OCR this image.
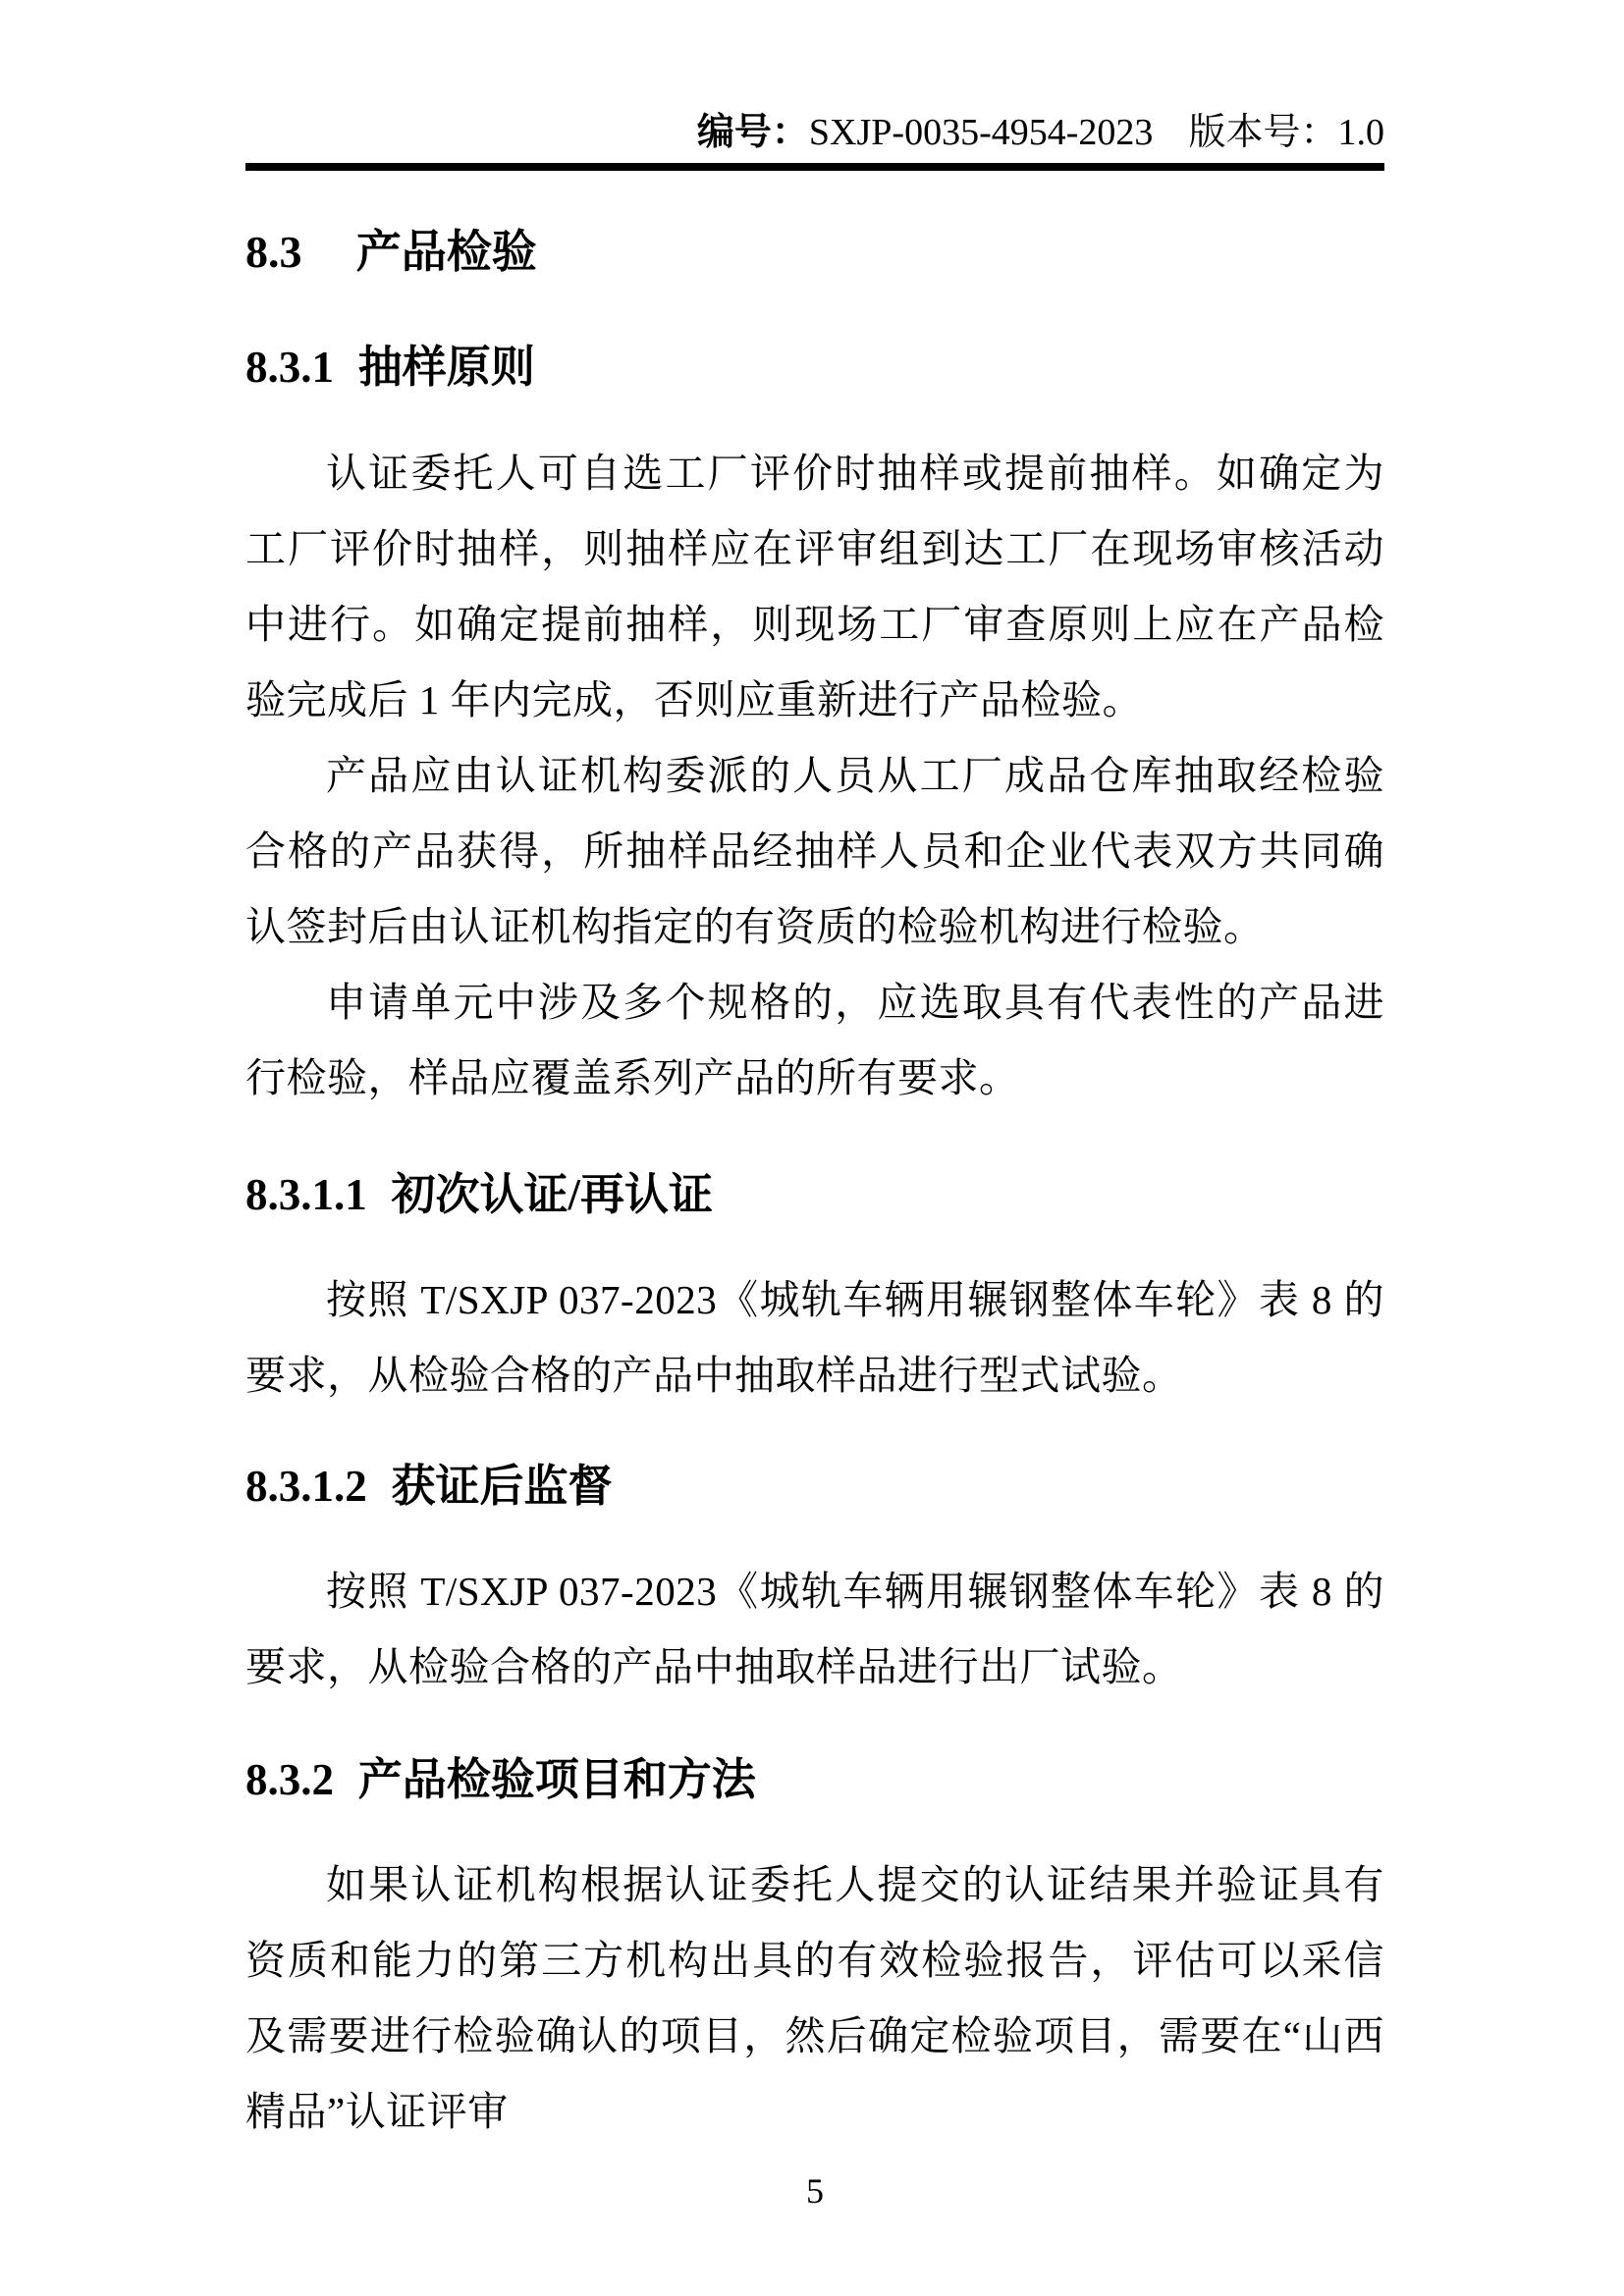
编号：SXJP-0035-4954-2023 版本号：1.0
8.3 产品检验
8.3.1 抽样原则

认证委托人可自选工厂评价时抽样或提前抽样。如确定为工厂评价时抽样，则抽样应在评审组到达工厂在现场审核活动中进行。如确定提前抽样，则现场工厂审查原则上应在产品检验完成后 1 年内完成，否则应重新进行产品检验。

产品应由认证机构委派的人员从工厂成品仓库抽取经检验合格的产品获得，所抽样品经抽样人员和企业代表双方共同确认签封后由认证机构指定的有资质的检验机构进行检验。

申请单元中涉及多个规格的，应选取具有代表性的产品进行检验，样品应覆盖系列产品的所有要求。

8.3.1.1 初次认证/再认证

按照 T/SXJP 037-2023《城轨车辆用辗钢整体车轮》表 8 的要求，从检验合格的产品中抽取样品进行型式试验。

8.3.1.2 获证后监督

按照 T/SXJP 037-2023《城轨车辆用辗钢整体车轮》表 8 的要求，从检验合格的产品中抽取样品进行出厂试验。

8.3.2 产品检验项目和方法

如果认证机构根据认证委托人提交的认证结果并验证具有资质和能力的第三方机构出具的有效检验报告，评估可以采信及需要进行检验确认的项目，然后确定检验项目，需要在“山西精品”认证评审

5
